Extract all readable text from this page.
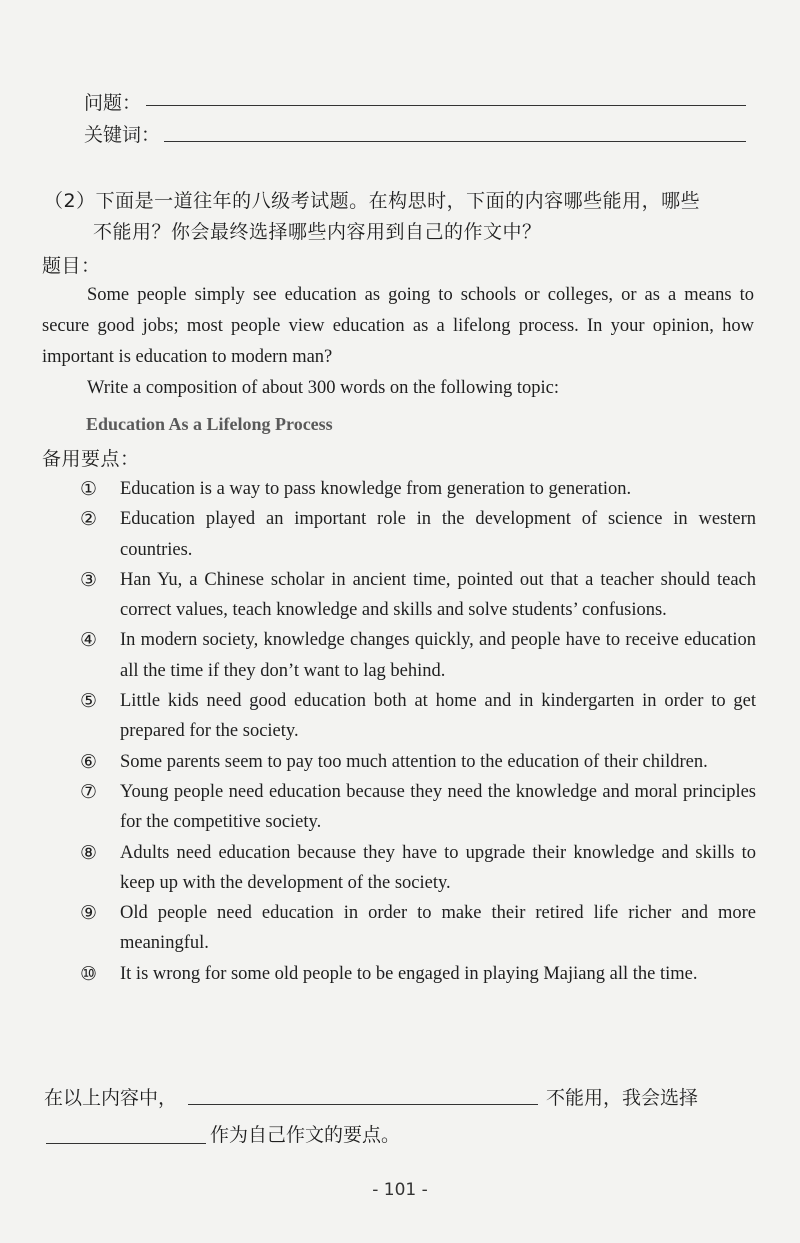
问题：
关键词：
（2）下面是一道往年的八级考试题。在构思时，下面的内容哪些能用，哪些
不能用？你会最终选择哪些内容用到自己的作文中？
题目：

Some people simply see education as going to schools or colleges, or as a means to secure good jobs; most people view education as a lifelong process. In your opinion, how important is education to modern man?

Write a composition of about 300 words on the following topic:

Education As a Lifelong Process
备用要点：
① Education is a way to pass knowledge from generation to generation.
② Education played an important role in the development of science in western countries.
③ Han Yu, a Chinese scholar in ancient time, pointed out that a teacher should teach correct values, teach knowledge and skills and solve students’ confusions.
④ In modern society, knowledge changes quickly, and people have to receive education all the time if they don’t want to lag behind.
⑤ Little kids need good education both at home and in kindergarten in order to get prepared for the society.
⑥ Some parents seem to pay too much attention to the education of their children.
⑦ Young people need education because they need the knowledge and moral principles for the competitive society.
⑧ Adults need education because they have to upgrade their knowledge and skills to keep up with the development of the society.
⑨ Old people need education in order to make their retired life richer and more meaningful.
⑩ It is wrong for some old people to be engaged in playing Majiang all the time.
在以上内容中，	不能用，我会选择
作为自己作文的要点。
- 101 -
